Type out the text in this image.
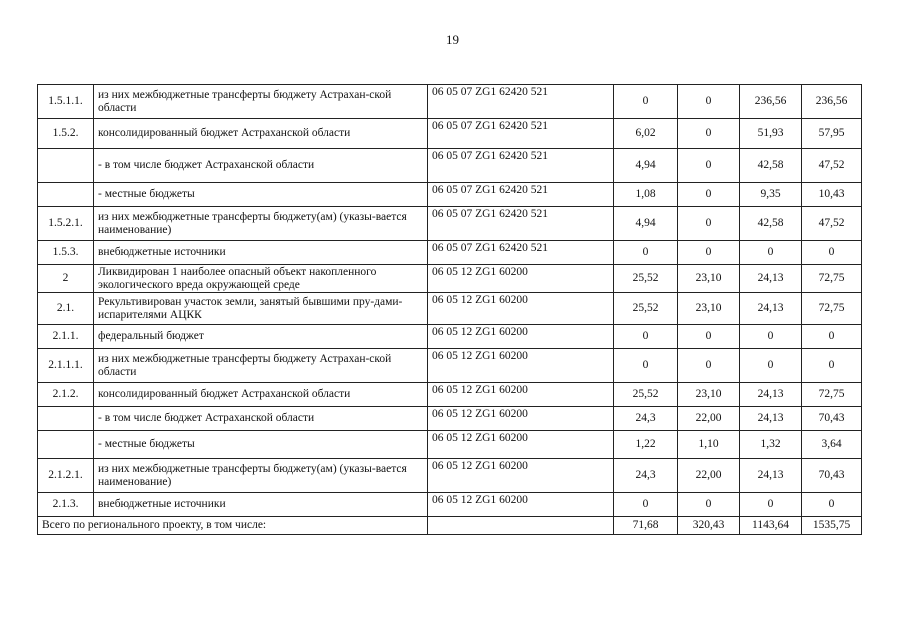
19
1.5.1.1.	из них межбюджетные трансферты бюджету Астрахан-ской области	06 05 07 ZG1 62420 521	0	0	236,56	236,56
1.5.2.	консолидированный бюджет Астраханской области	06 05 07 ZG1 62420 521	6,02	0	51,93	57,95
	- в том числе бюджет Астраханской области	06 05 07 ZG1 62420 521	4,94	0	42,58	47,52
	- местные бюджеты	06 05 07 ZG1 62420 521	1,08	0	9,35	10,43
1.5.2.1.	из них межбюджетные трансферты бюджету(ам) (указы-вается наименование)	06 05 07 ZG1 62420 521	4,94	0	42,58	47,52
1.5.3.	внебюджетные источники	06 05 07 ZG1 62420 521	0	0	0	0
2	Ликвидирован 1 наиболее опасный объект накопленного экологического вреда окружающей среде	06 05 12 ZG1 60200	25,52	23,10	24,13	72,75
2.1.	Рекультивирован участок земли, занятый бывшими пру-дами-испарителями АЦКК	06 05 12 ZG1 60200	25,52	23,10	24,13	72,75
2.1.1.	федеральный бюджет	06 05 12 ZG1 60200	0	0	0	0
2.1.1.1.	из них межбюджетные трансферты бюджету Астрахан-ской области	06 05 12 ZG1 60200	0	0	0	0
2.1.2.	консолидированный бюджет Астраханской области	06 05 12 ZG1 60200	25,52	23,10	24,13	72,75
	- в том числе бюджет Астраханской области	06 05 12 ZG1 60200	24,3	22,00	24,13	70,43
	- местные бюджеты	06 05 12 ZG1 60200	1,22	1,10	1,32	3,64
2.1.2.1.	из них межбюджетные трансферты бюджету(ам) (указы-вается наименование)	06 05 12 ZG1 60200	24,3	22,00	24,13	70,43
2.1.3.	внебюджетные источники	06 05 12 ZG1 60200	0	0	0	0
Всего по регионального проекту, в том числе:			71,68	320,43	1143,64	1535,75
